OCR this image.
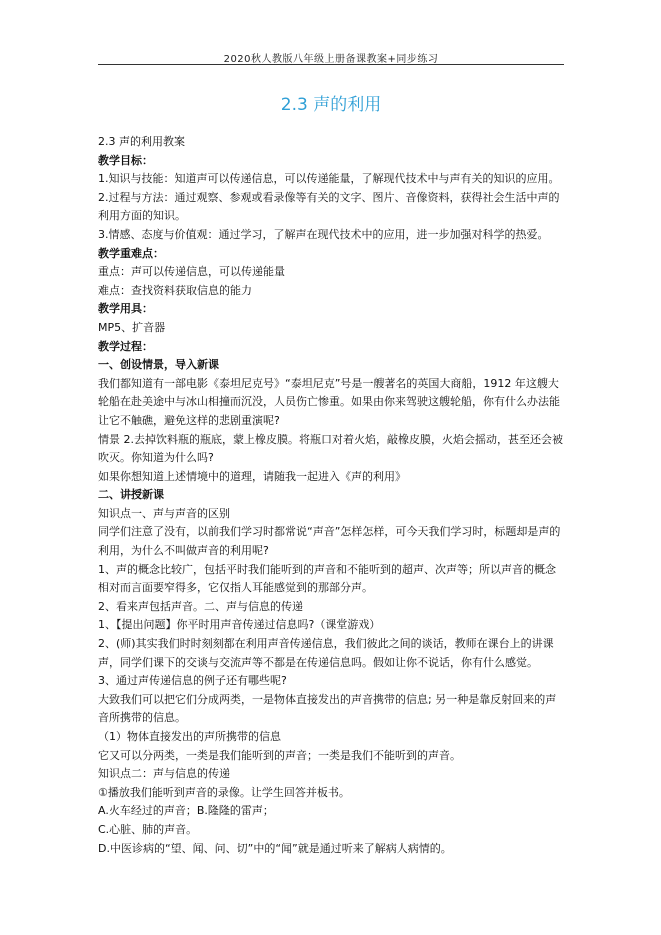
2020秋人教版八年级上册备课教案+同步练习
2.3 声的利用

2.3 声的利用教案

教学目标：

1.知识与技能：知道声可以传递信息，可以传递能量，了解现代技术中与声有关的知识的应用。

2.过程与方法：通过观察、参观或看录像等有关的文字、图片、音像资料，获得社会生活中声的利用方面的知识。

3.情感、态度与价值观：通过学习，了解声在现代技术中的应用，进一步加强对科学的热爱。

教学重难点：

重点：声可以传递信息，可以传递能量

难点：查找资料获取信息的能力

教学用具：

MP5、扩音器

教学过程：

一、创设情景，导入新课

我们都知道有一部电影《泰坦尼克号》“泰坦尼克”号是一艘著名的英国大商船，1912 年这艘大轮船在赴美途中与冰山相撞而沉没，人员伤亡惨重。如果由你来驾驶这艘轮船，你有什么办法能让它不触礁，避免这样的悲剧重演呢?

情景 2.去掉饮料瓶的瓶底，蒙上橡皮膜。将瓶口对着火焰，敲橡皮膜，火焰会摇动，甚至还会被吹灭。你知道为什么吗?

如果你想知道上述情境中的道理，请随我一起进入《声的利用》

二、讲授新课

知识点一、声与声音的区别

同学们注意了没有，以前我们学习时都常说“声音”怎样怎样，可今天我们学习时，标题却是声的利用，为什么不叫做声音的利用呢?

1、声的概念比较广，包括平时我们能听到的声音和不能听到的超声、次声等；所以声音的概念相对而言面要窄得多，它仅指人耳能感觉到的那部分声。

2、看来声包括声音。二、声与信息的传递

1、【提出问题】你平时用声音传递过信息吗?（课堂游戏）

2、(师)其实我们时时刻刻都在利用声音传递信息，我们彼此之间的谈话，教师在课台上的讲课声，同学们课下的交谈与交流声等不都是在传递信息吗。假如让你不说话，你有什么感觉。

3、通过声传递信息的例子还有哪些呢?

大致我们可以把它们分成两类，一是物体直接发出的声音携带的信息; 另一种是靠反射回来的声音所携带的信息。

（1）物体直接发出的声所携带的信息

它又可以分两类，一类是我们能听到的声音；一类是我们不能听到的声音。

知识点二：声与信息的传递

①播放我们能听到声音的录像。让学生回答并板书。

A.火车经过的声音；B.隆隆的雷声；

C.心脏、肺的声音。

D.中医诊病的“望、闻、问、切”中的“闻”就是通过听来了解病人病情的。
